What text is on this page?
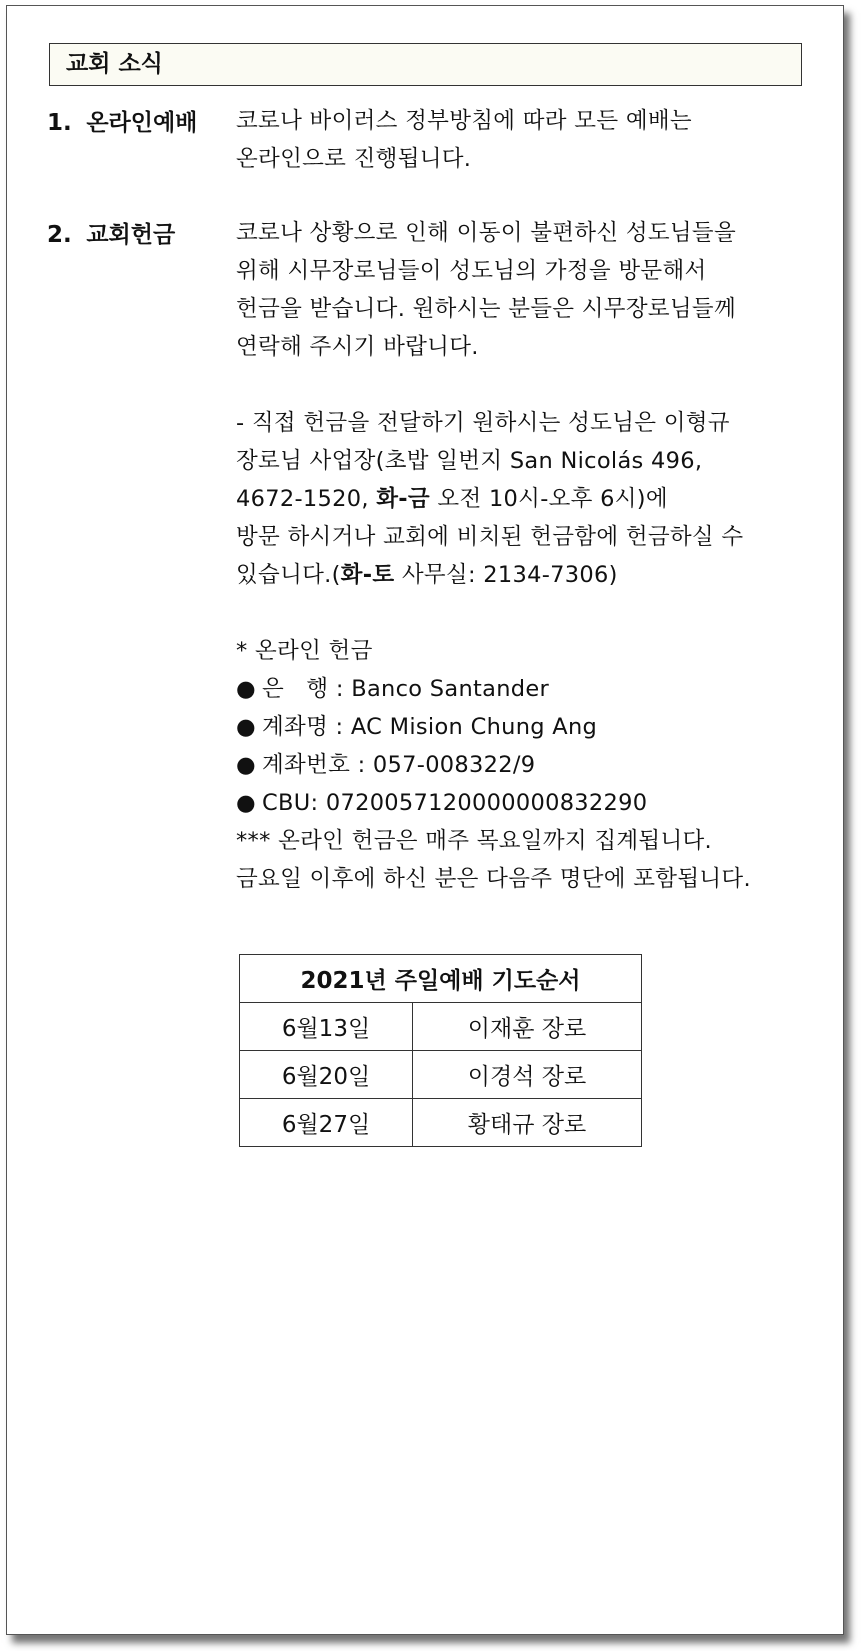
교회 소식
1. 온라인예배 코로나 바이러스 정부방침에 따라 모든 예배는
온라인으로 진행됩니다.
2. 교회헌금	코로나 상황으로 인해 이동이 불편하신 성도님들을
위해 시무장로님들이 성도님의 가정을 방문해서
헌금을 받습니다. 원하시는 분들은 시무장로님들께
연락해 주시기 바랍니다.
- 직접 헌금을 전달하기 원하시는 성도님은 이형규
장로님 사업장(초밥 일번지 San Nicolás 496,
4672-1520, 화-금 오전 10시-오후 6시)에
방문 하시거나 교회에 비치된 헌금함에 헌금하실 수
있습니다.(화-토 사무실: 2134-7306)
* 온라인 헌금
● 은   행 : Banco Santander
● 계좌명 : AC Mision Chung Ang
● 계좌번호 : 057-008322/9
● CBU: 0720057120000000832290
*** 온라인 헌금은 매주 목요일까지 집계됩니다.
금요일 이후에 하신 분은 다음주 명단에 포함됩니다.
2021년 주일예배 기도순서	
6월13일	이재훈 장로
6월20일	이경석 장로
6월27일	황태규 장로
